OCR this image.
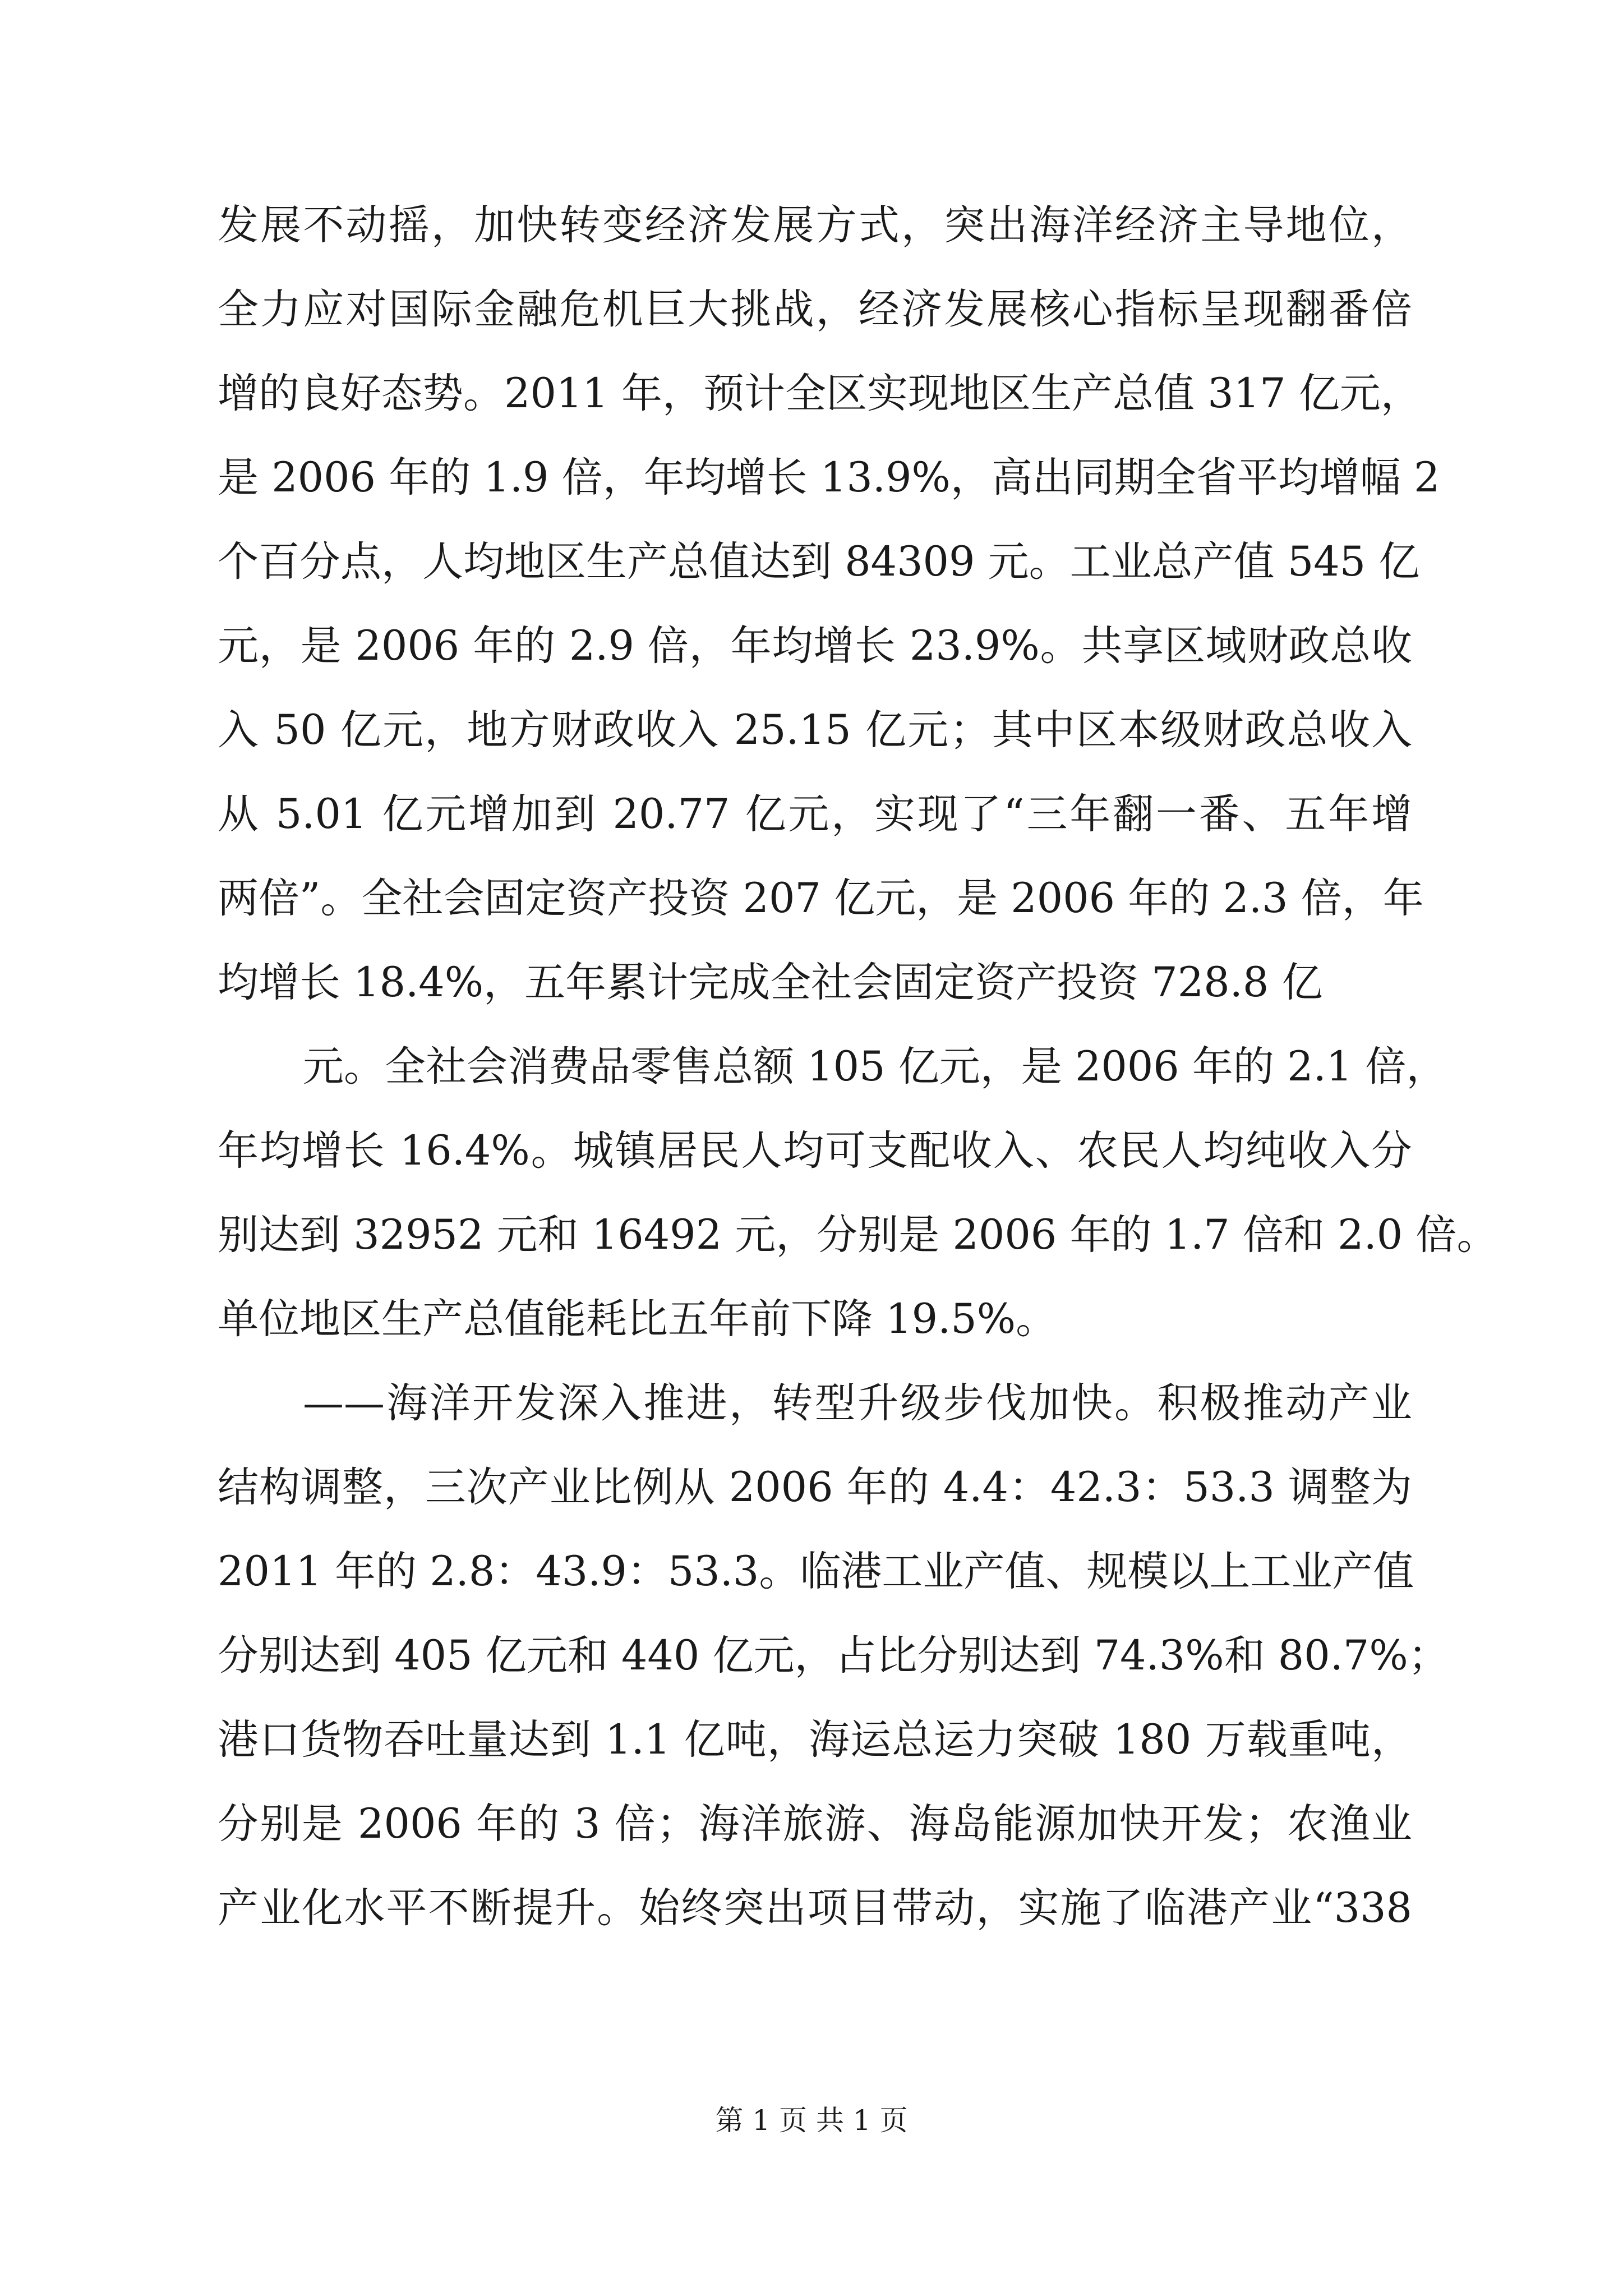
发展不动摇，加快转变经济发展方式，突出海洋经济主导地位，
全力应对国际金融危机巨大挑战，经济发展核心指标呈现翻番倍
增的良好态势。2011 年，预计全区实现地区生产总值 317 亿元，
是 2006 年的 1.9 倍，年均增长 13.9%，高出同期全省平均增幅 2
个百分点，人均地区生产总值达到 84309 元。工业总产值 545 亿
元，是 2006 年的 2.9 倍，年均增长 23.9%。共享区域财政总收
入 50 亿元，地方财政收入 25.15 亿元；其中区本级财政总收入
从 5.01 亿元增加到 20.77 亿元，实现了“三年翻一番、五年增
两倍”。全社会固定资产投资 207 亿元，是 2006 年的 2.3 倍，年
均增长 18.4%，五年累计完成全社会固定资产投资 728.8 亿
元。全社会消费品零售总额 105 亿元，是 2006 年的 2.1 倍，
年均增长 16.4%。城镇居民人均可支配收入、农民人均纯收入分
别达到 32952 元和 16492 元，分别是 2006 年的 1.7 倍和 2.0 倍。
单位地区生产总值能耗比五年前下降 19.5%。
——海洋开发深入推进，转型升级步伐加快。积极推动产业
结构调整，三次产业比例从 2006 年的 4.4：42.3：53.3 调整为
2011 年的 2.8：43.9：53.3。临港工业产值、规模以上工业产值
分别达到 405 亿元和 440 亿元，占比分别达到 74.3%和 80.7%；
港口货物吞吐量达到 1.1 亿吨，海运总运力突破 180 万载重吨，
分别是 2006 年的 3 倍；海洋旅游、海岛能源加快开发；农渔业
产业化水平不断提升。始终突出项目带动，实施了临港产业“338
第 1 页 共 1 页
